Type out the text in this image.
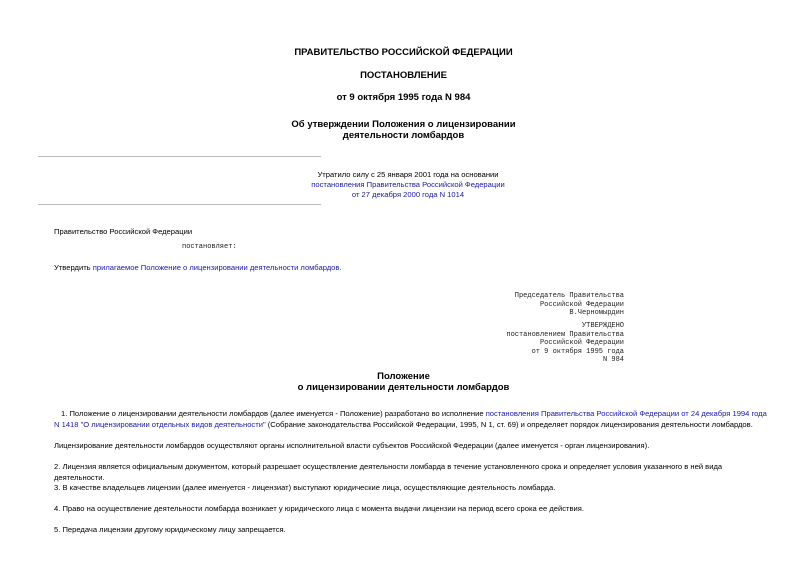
ПРАВИТЕЛЬСТВО РОССИЙСКОЙ ФЕДЕРАЦИИ
ПОСТАНОВЛЕНИЕ
от 9 октября 1995 года N 984
Об утверждении Положения о лицензировании
деятельности ломбардов
Утратило силу с 25 января 2001 года на основании
постановления Правительства Российской Федерации
от 27 декабря 2000 года N 1014
Правительство Российской Федерации
постановляет:
Утвердить прилагаемое Положение о лицензировании деятельности ломбардов.
Председатель Правительства
Российской Федерации
В.Черномырдин
УТВЕРЖДЕНО
постановлением Правительства
Российской Федерации
от 9 октября 1995 года
N 984
Положение
о лицензировании деятельности ломбардов
1. Положение о лицензировании деятельности ломбардов (далее именуется - Положение) разработано во исполнение постановления Правительства Российской Федерации от 24 декабря 1994 года N 1418 "О лицензировании отдельных видов деятельности" (Собрание законодательства Российской Федерации, 1995, N 1, ст. 69) и определяет порядок лицензирования деятельности ломбардов.
Лицензирование деятельности ломбардов осуществляют органы исполнительной власти субъектов Российской Федерации (далее именуется - орган лицензирования).
2. Лицензия является официальным документом, который разрешает осуществление деятельности ломбарда в течение установленного срока и определяет условия указанного в ней вида деятельности.
3. В качестве владельцев лицензии (далее именуется - лицензиат) выступают юридические лица, осуществляющие деятельность ломбарда.
4. Право на осуществление деятельности ломбарда возникает у юридического лица с момента выдачи лицензии на период всего срока ее действия.
5. Передача лицензии другому юридическому лицу запрещается.
